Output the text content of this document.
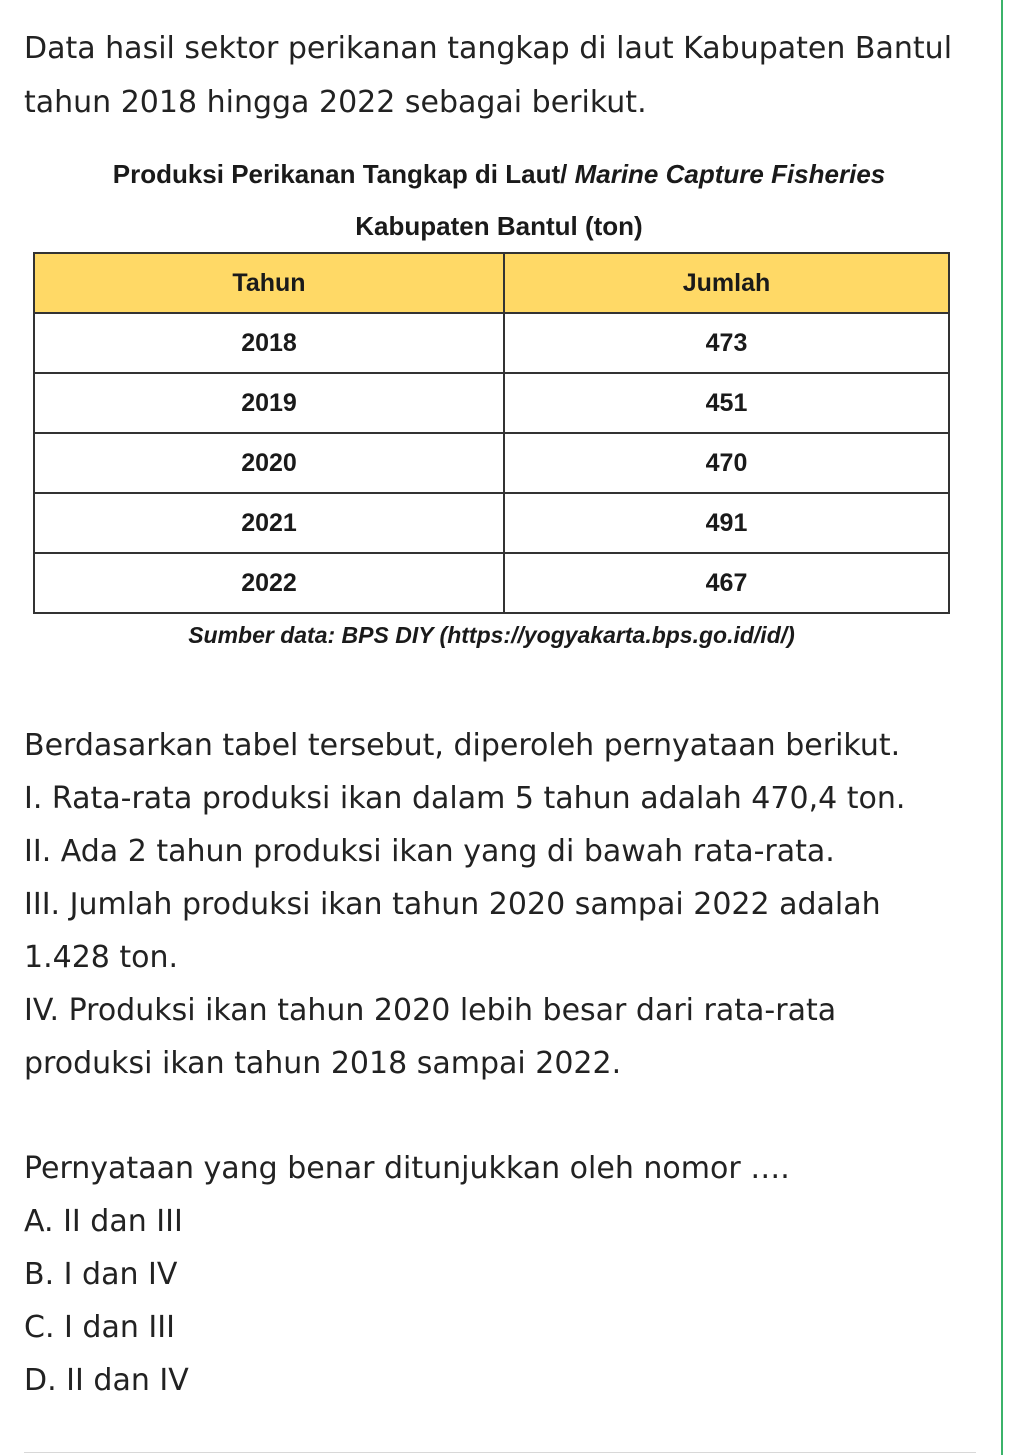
Data hasil sektor perikanan tangkap di laut Kabupaten Bantul tahun 2018 hingga 2022 sebagai berikut.

Produksi Perikanan Tangkap di Laut/ Marine Capture Fisheries
Kabupaten Bantul (ton)
Tahun	Jumlah
2018	473
2019	451
2020	470
2021	491
2022	467
Sumber data: BPS DIY (https://yogyakarta.bps.go.id/id/)

Berdasarkan tabel tersebut, diperoleh pernyataan berikut.

I. Rata-rata produksi ikan dalam 5 tahun adalah 470,4 ton.

II. Ada 2 tahun produksi ikan yang di bawah rata-rata.

III. Jumlah produksi ikan tahun 2020 sampai 2022 adalah 1.428 ton.

IV. Produksi ikan tahun 2020 lebih besar dari rata-rata produksi ikan tahun 2018 sampai 2022.

Pernyataan yang benar ditunjukkan oleh nomor ….

A. II dan III

B. I dan IV

C. I dan III

D. II dan IV
